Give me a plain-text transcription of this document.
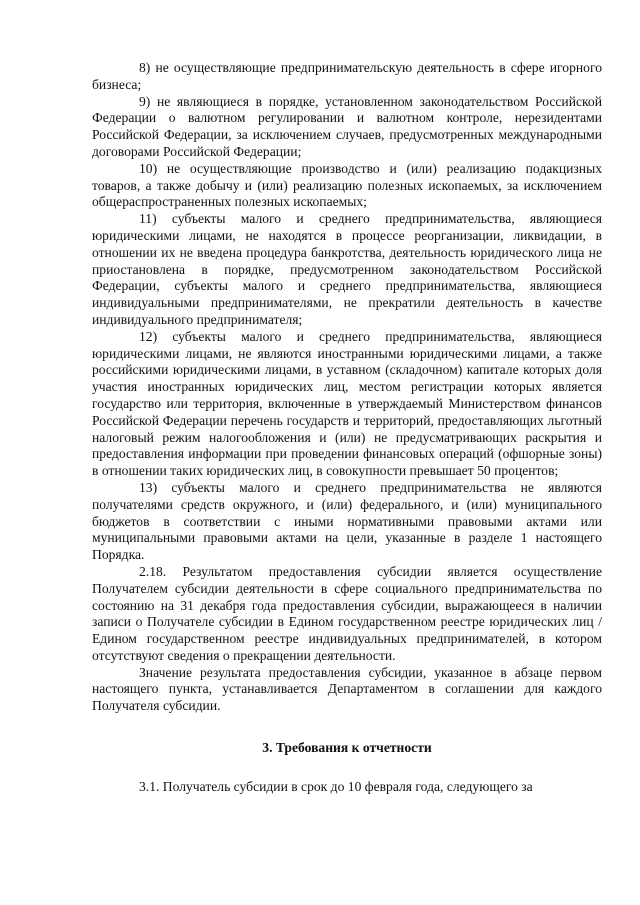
8) не осуществляющие предпринимательскую деятельность в сфере игорного бизнеса;

9) не являющиеся в порядке, установленном законодательством Российской Федерации о валютном регулировании и валютном контроле, нерезидентами Российской Федерации, за исключением случаев, предусмотренных международными договорами Российской Федерации;

10) не осуществляющие производство и (или) реализацию подакцизных товаров, а также добычу и (или) реализацию полезных ископаемых, за исключением общераспространенных полезных ископаемых;

11) субъекты малого и среднего предпринимательства, являющиеся юридическими лицами, не находятся в процессе реорганизации, ликвидации, в отношении их не введена процедура банкротства, деятельность юридического лица не приостановлена в порядке, предусмотренном законодательством Российской Федерации, субъекты малого и среднего предпринимательства, являющиеся индивидуальными предпринимателями, не прекратили деятельность в качестве индивидуального предпринимателя;

12) субъекты малого и среднего предпринимательства, являющиеся юридическими лицами, не являются иностранными юридическими лицами, а также российскими юридическими лицами, в уставном (складочном) капитале которых доля участия иностранных юридических лиц, местом регистрации которых является государство или территория, включенные в утверждаемый Министерством финансов Российской Федерации перечень государств и территорий, предоставляющих льготный налоговый режим налогообложения и (или) не предусматривающих раскрытия и предоставления информации при проведении финансовых операций (офшорные зоны) в отношении таких юридических лиц, в совокупности превышает 50 процентов;

13) субъекты малого и среднего предпринимательства не являются получателями средств окружного, и (или) федерального, и (или) муниципального бюджетов в соответствии с иными нормативными правовыми актами или муниципальными правовыми актами на цели, указанные в разделе 1 настоящего Порядка.

2.18. Результатом предоставления субсидии является осуществление Получателем субсидии деятельности в сфере социального предпринимательства по состоянию на 31 декабря года предоставления субсидии, выражающееся в наличии записи о Получателе субсидии в Едином государственном реестре юридических лиц / Едином государственном реестре индивидуальных предпринимателей, в котором отсутствуют сведения о прекращении деятельности.

Значение результата предоставления субсидии, указанное в абзаце первом настоящего пункта, устанавливается Департаментом в соглашении для каждого Получателя субсидии.

3. Требования к отчетности

3.1. Получатель субсидии в срок до 10 февраля года, следующего за
